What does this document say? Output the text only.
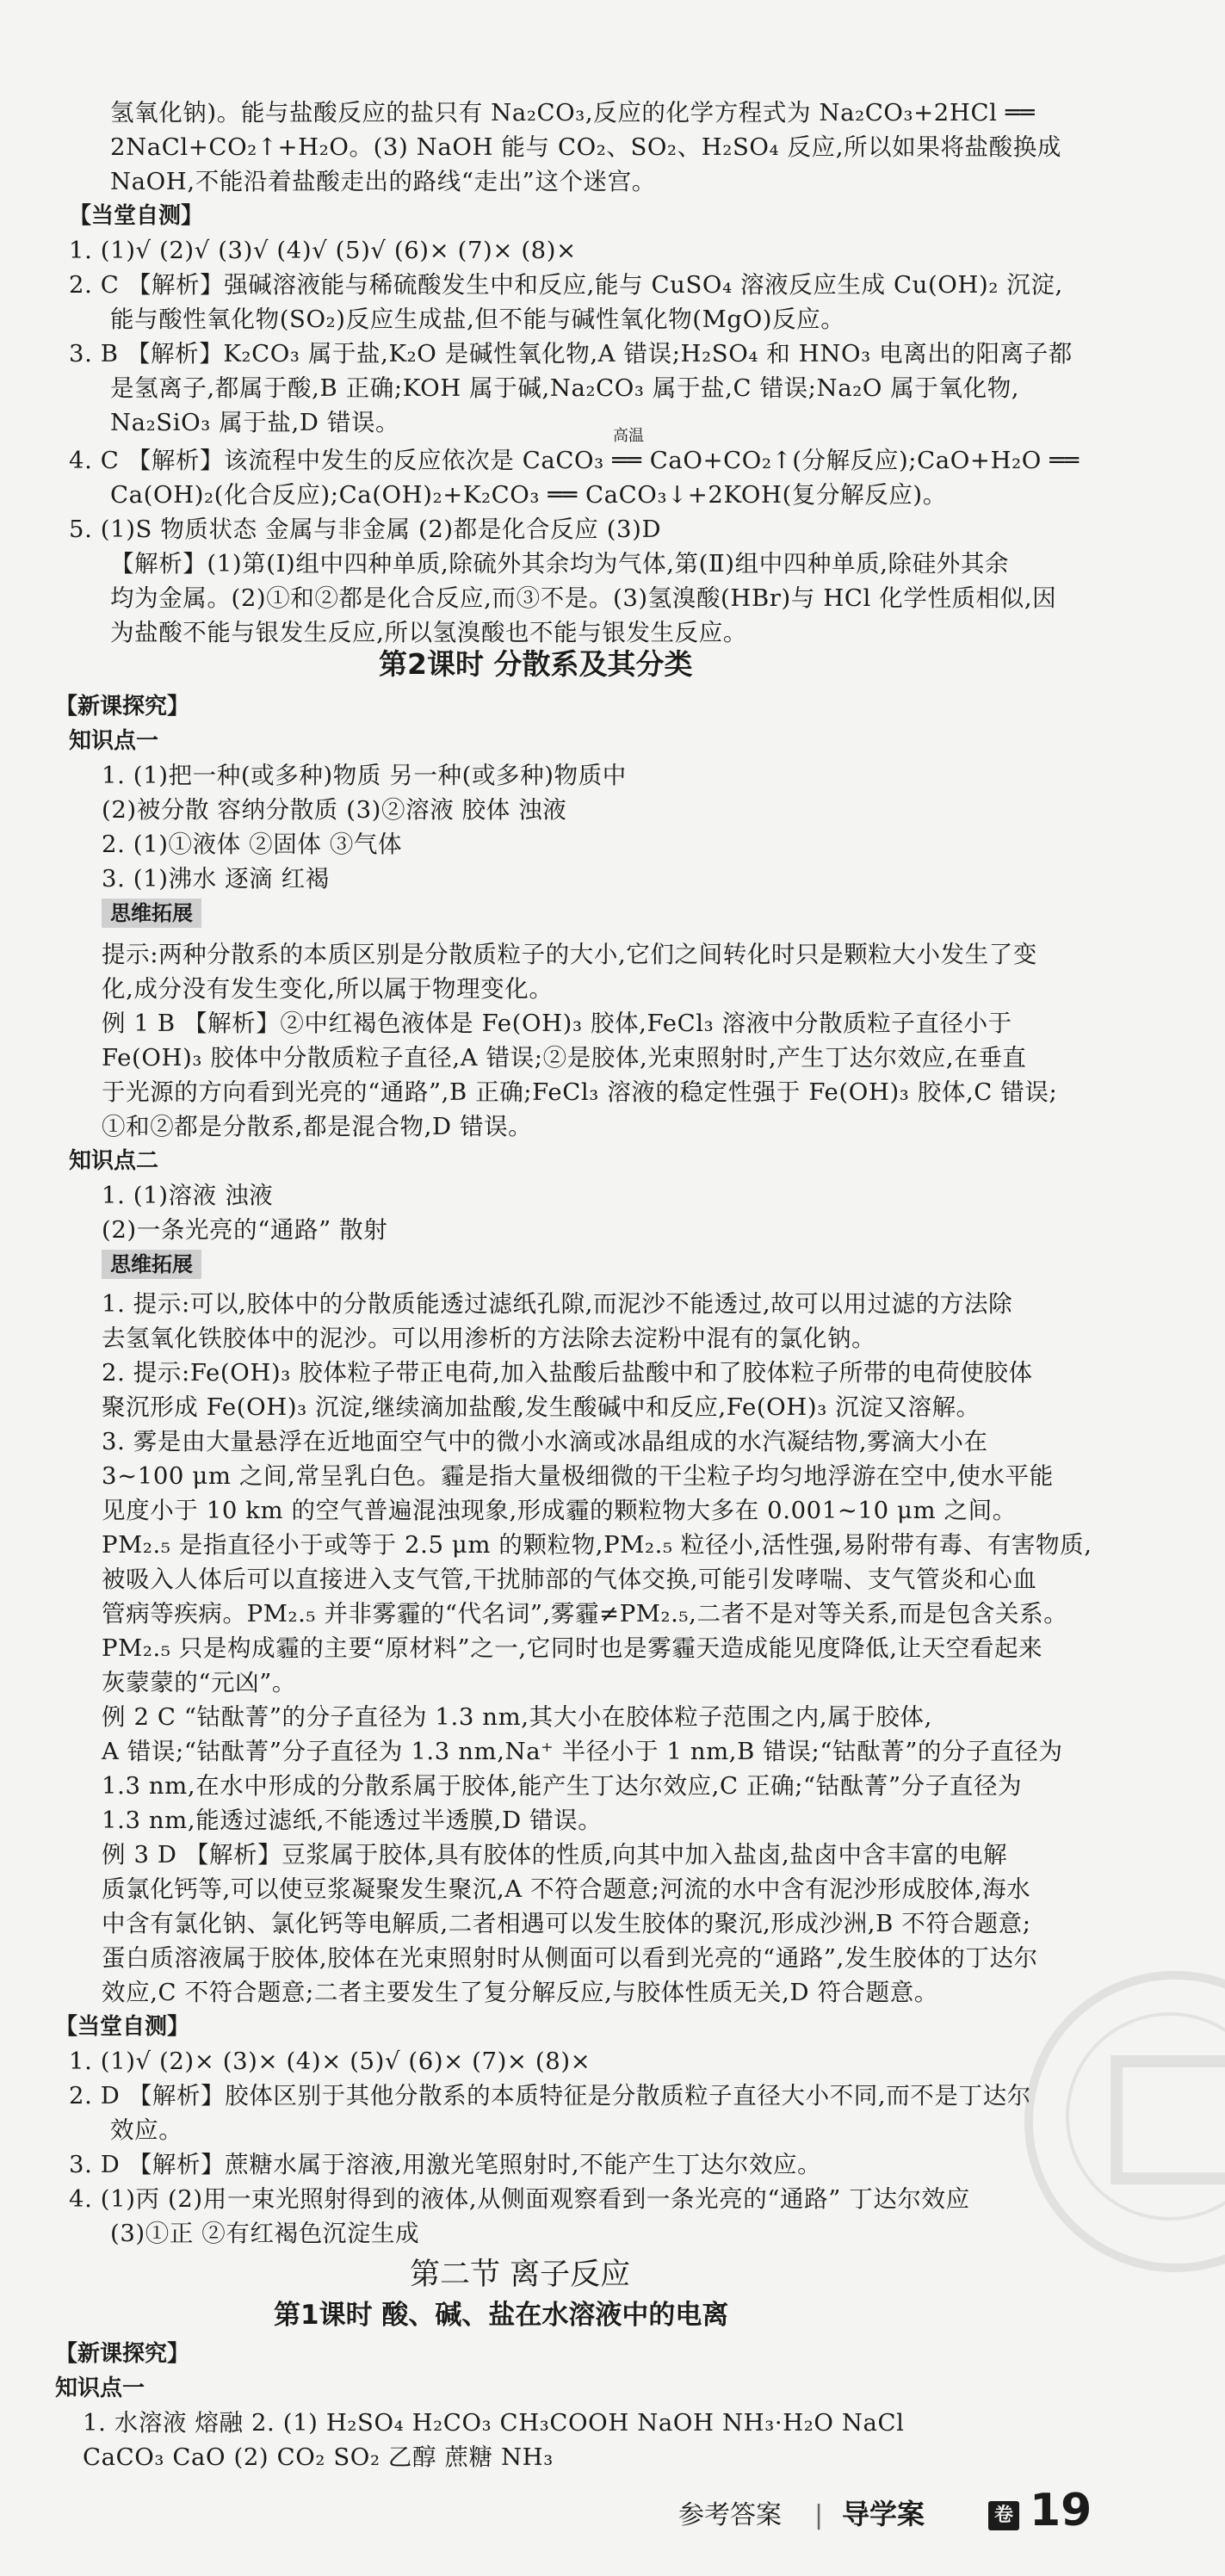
氢氧化钠)。能与盐酸反应的盐只有 Na₂CO₃,反应的化学方程式为 Na₂CO₃+2HCl ══
2NaCl+CO₂↑+H₂O。(3) NaOH 能与 CO₂、SO₂、H₂SO₄ 反应,所以如果将盐酸换成
NaOH,不能沿着盐酸走出的路线“走出”这个迷宫。
【当堂自测】
1. (1)√ (2)√ (3)√ (4)√ (5)√ (6)× (7)× (8)×
2. C 【解析】强碱溶液能与稀硫酸发生中和反应,能与 CuSO₄ 溶液反应生成 Cu(OH)₂ 沉淀,
能与酸性氧化物(SO₂)反应生成盐,但不能与碱性氧化物(MgO)反应。
3. B 【解析】K₂CO₃ 属于盐,K₂O 是碱性氧化物,A 错误;H₂SO₄ 和 HNO₃ 电离出的阳离子都
是氢离子,都属于酸,B 正确;KOH 属于碱,Na₂CO₃ 属于盐,C 错误;Na₂O 属于氧化物,
Na₂SiO₃ 属于盐,D 错误。	高温
4. C 【解析】该流程中发生的反应依次是 CaCO₃ ══ CaO+CO₂↑(分解反应);CaO+H₂O ══
Ca(OH)₂(化合反应);Ca(OH)₂+K₂CO₃ ══ CaCO₃↓+2KOH(复分解反应)。
5. (1)S 物质状态 金属与非金属 (2)都是化合反应 (3)D
【解析】(1)第(Ⅰ)组中四种单质,除硫外其余均为气体,第(Ⅱ)组中四种单质,除硅外其余
均为金属。(2)①和②都是化合反应,而③不是。(3)氢溴酸(HBr)与 HCl 化学性质相似,因
为盐酸不能与银发生反应,所以氢溴酸也不能与银发生反应。
第2课时 分散系及其分类
【新课探究】
知识点一
1. (1)把一种(或多种)物质 另一种(或多种)物质中
(2)被分散 容纳分散质 (3)②溶液 胶体 浊液
2. (1)①液体 ②固体 ③气体
3. (1)沸水 逐滴 红褐
思维拓展
提示:两种分散系的本质区别是分散质粒子的大小,它们之间转化时只是颗粒大小发生了变
化,成分没有发生变化,所以属于物理变化。
例 1 B 【解析】②中红褐色液体是 Fe(OH)₃ 胶体,FeCl₃ 溶液中分散质粒子直径小于
Fe(OH)₃ 胶体中分散质粒子直径,A 错误;②是胶体,光束照射时,产生丁达尔效应,在垂直
于光源的方向看到光亮的“通路”,B 正确;FeCl₃ 溶液的稳定性强于 Fe(OH)₃ 胶体,C 错误;
①和②都是分散系,都是混合物,D 错误。
知识点二
1. (1)溶液 浊液
(2)一条光亮的“通路” 散射
思维拓展
1. 提示:可以,胶体中的分散质能透过滤纸孔隙,而泥沙不能透过,故可以用过滤的方法除
去氢氧化铁胶体中的泥沙。可以用渗析的方法除去淀粉中混有的氯化钠。
2. 提示:Fe(OH)₃ 胶体粒子带正电荷,加入盐酸后盐酸中和了胶体粒子所带的电荷使胶体
聚沉形成 Fe(OH)₃ 沉淀,继续滴加盐酸,发生酸碱中和反应,Fe(OH)₃ 沉淀又溶解。
3. 雾是由大量悬浮在近地面空气中的微小水滴或冰晶组成的水汽凝结物,雾滴大小在
3~100 μm 之间,常呈乳白色。霾是指大量极细微的干尘粒子均匀地浮游在空中,使水平能
见度小于 10 km 的空气普遍混浊现象,形成霾的颗粒物大多在 0.001~10 μm 之间。
PM₂.₅ 是指直径小于或等于 2.5 μm 的颗粒物,PM₂.₅ 粒径小,活性强,易附带有毒、有害物质,
被吸入人体后可以直接进入支气管,干扰肺部的气体交换,可能引发哮喘、支气管炎和心血
管病等疾病。PM₂.₅ 并非雾霾的“代名词”,雾霾≠PM₂.₅,二者不是对等关系,而是包含关系。
PM₂.₅ 只是构成霾的主要“原材料”之一,它同时也是雾霾天造成能见度降低,让天空看起来
灰蒙蒙的“元凶”。
例 2 C “钴酞菁”的分子直径为 1.3 nm,其大小在胶体粒子范围之内,属于胶体,
A 错误;“钴酞菁”分子直径为 1.3 nm,Na⁺ 半径小于 1 nm,B 错误;“钴酞菁”的分子直径为
1.3 nm,在水中形成的分散系属于胶体,能产生丁达尔效应,C 正确;“钴酞菁”分子直径为
1.3 nm,能透过滤纸,不能透过半透膜,D 错误。
例 3 D 【解析】豆浆属于胶体,具有胶体的性质,向其中加入盐卤,盐卤中含丰富的电解
质氯化钙等,可以使豆浆凝聚发生聚沉,A 不符合题意;河流的水中含有泥沙形成胶体,海水
中含有氯化钠、氯化钙等电解质,二者相遇可以发生胶体的聚沉,形成沙洲,B 不符合题意;
蛋白质溶液属于胶体,胶体在光束照射时从侧面可以看到光亮的“通路”,发生胶体的丁达尔
效应,C 不符合题意;二者主要发生了复分解反应,与胶体性质无关,D 符合题意。
【当堂自测】
1. (1)√ (2)× (3)× (4)× (5)√ (6)× (7)× (8)×
2. D 【解析】胶体区别于其他分散系的本质特征是分散质粒子直径大小不同,而不是丁达尔
效应。
3. D 【解析】蔗糖水属于溶液,用激光笔照射时,不能产生丁达尔效应。
4. (1)丙 (2)用一束光照射得到的液体,从侧面观察看到一条光亮的“通路” 丁达尔效应
(3)①正 ②有红褐色沉淀生成
第二节 离子反应
第1课时 酸、碱、盐在水溶液中的电离
【新课探究】
知识点一
1. 水溶液 熔融 2. (1) H₂SO₄ H₂CO₃ CH₃COOH NaOH NH₃·H₂O NaCl
CaCO₃ CaO (2) CO₂ SO₂ 乙醇 蔗糖 NH₃
参考答案 | 导学案	卷 19
